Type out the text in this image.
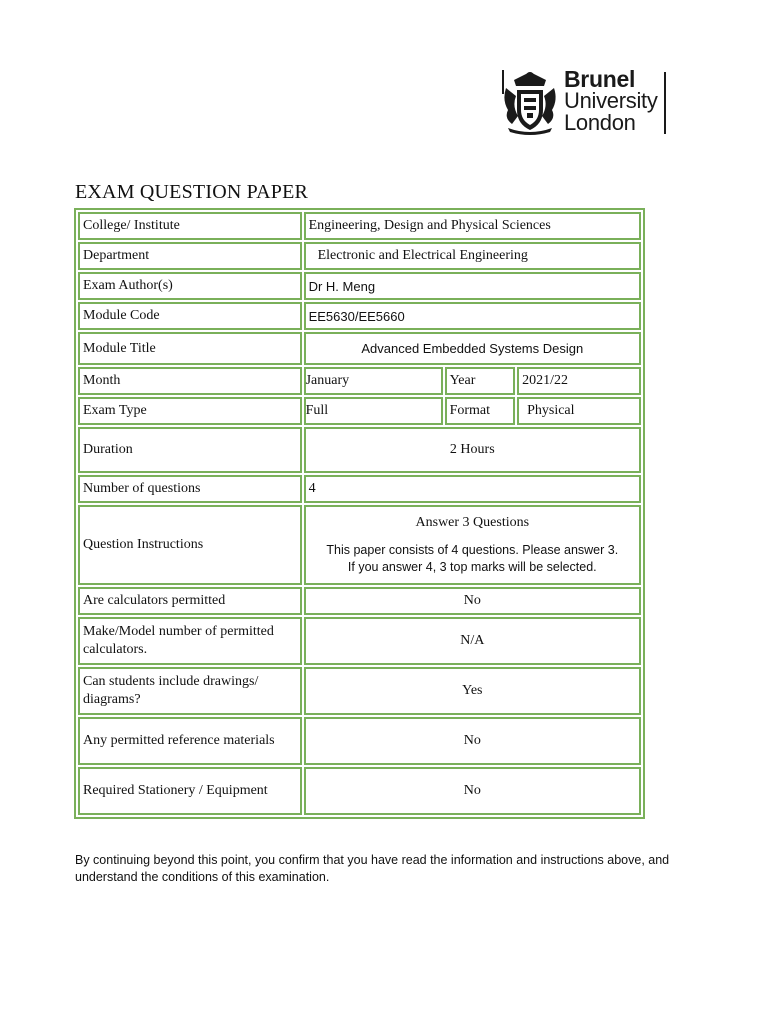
Brunel
University
London
EXAM QUESTION PAPER
College/ Institute	Engineering, Design and Physical Sciences		
Department	Electronic and Electrical Engineering		
Exam Author(s)	Dr H. Meng		
Module Code	EE5630/EE5660		
Module Title	Advanced Embedded Systems Design		
Month	January	Year	2021/22
Exam Type	Full	Format	Physical
Duration	2 Hours		
Number of questions	4		
Question Instructions	Answer 3 Questions
This paper consists of 4 questions. Please answer 3.
If you answer 4, 3 top marks will be selected.		

Are calculators permitted	No		
Make/Model number of permitted calculators.	N/A		
Can students include drawings/ diagrams?	Yes		
Any permitted reference materials	No		
Required Stationery / Equipment	No		
By continuing beyond this point, you confirm that you have read the information and instructions above, and understand the conditions of this examination.
